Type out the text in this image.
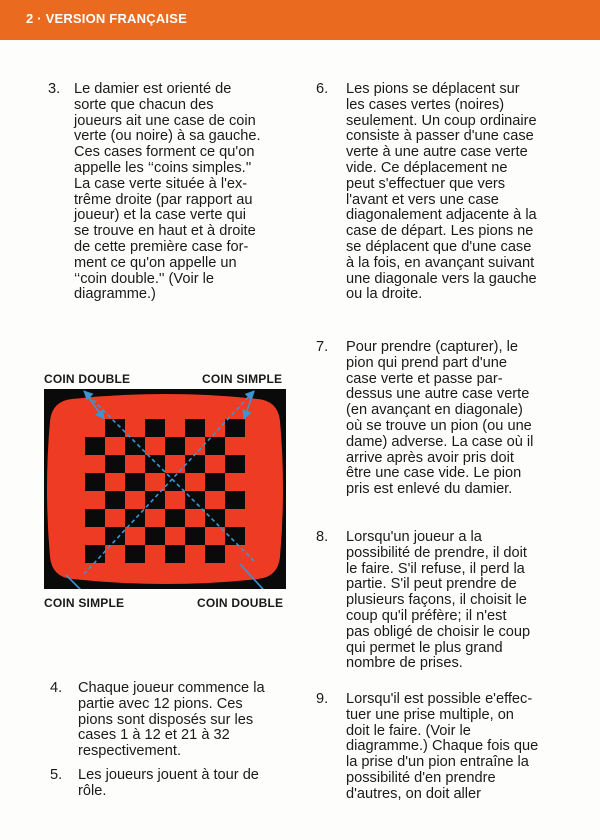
2 · VERSION FRANÇAISE
3. Le damier est orienté de
sorte que chacun des
joueurs ait une case de coin
verte (ou noire) à sa gauche.
Ces cases forment ce qu'on
appelle les ‘‘coins simples.''
La case verte située à l'ex-
trême droite (par rapport au
joueur) et la case verte qui
se trouve en haut et à droite
de cette première case for-
ment ce qu'on appelle un
‘‘coin double.'' (Voir le
diagramme.)
6. Les pions se déplacent sur
les cases vertes (noires)
seulement. Un coup ordinaire
consiste à passer d'une case
verte à une autre case verte
vide. Ce déplacement ne
peut s'effectuer que vers
l'avant et vers une case
diagonalement adjacente à la
case de départ. Les pions ne
se déplacent que d'une case
à la fois, en avançant suivant
une diagonale vers la gauche
ou la droite.
7. Pour prendre (capturer), le
pion qui prend part d'une
case verte et passe par-
dessus une autre case verte
(en avançant en diagonale)
où se trouve un pion (ou une
dame) adverse. La case où il
arrive après avoir pris doit
être une case vide. Le pion
pris est enlevé du damier.
8. Lorsqu'un joueur a la
possibilité de prendre, il doit
le faire. S'il refuse, il perd la
partie. S'il peut prendre de
plusieurs façons, il choisit le
coup qu'il préfère; il n'est
pas obligé de choisir le coup
qui permet le plus grand
nombre de prises.
9. Lorsqu'il est possible e'effec-
tuer une prise multiple, on
doit le faire. (Voir le
diagramme.) Chaque fois que
la prise d'un pion entraîne la
possibilité d'en prendre
d'autres, on doit aller
4. Chaque joueur commence la
partie avec 12 pions. Ces
pions sont disposés sur les
cases 1 à 12 et 21 à 32
respectivement.
5. Les joueurs jouent à tour de
rôle.
COIN DOUBLE	COIN SIMPLE
COIN SIMPLE	COIN DOUBLE
